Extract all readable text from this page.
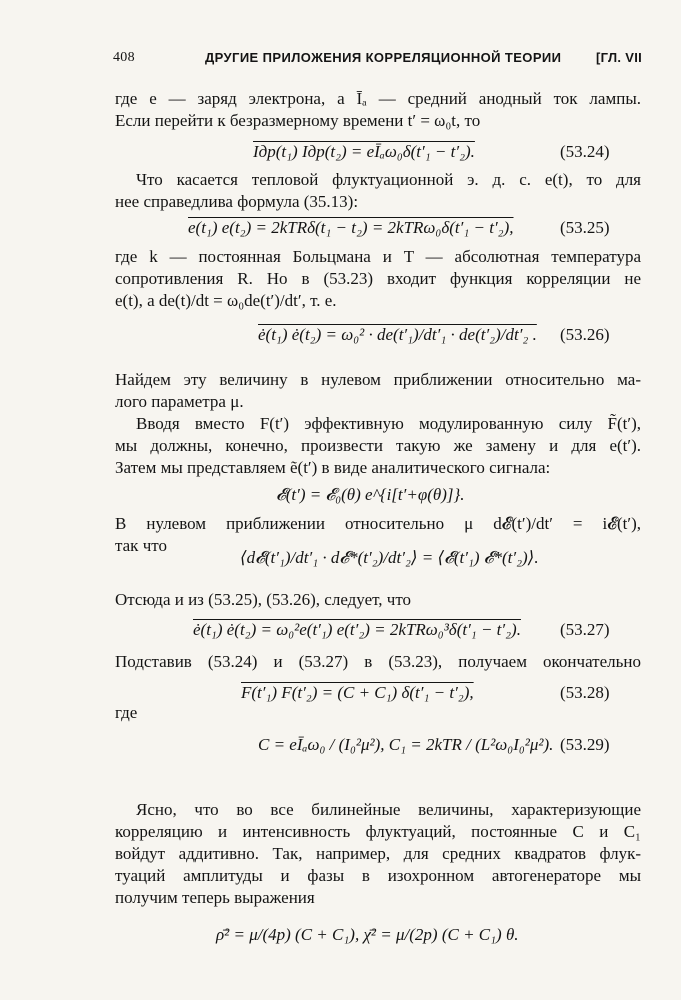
408	ДРУГИЕ ПРИЛОЖЕНИЯ КОРРЕЛЯЦИОННОЙ ТЕОРИИ	[ГЛ. VII
где e — заряд электрона, а Īₐ — средний анодный ток лампы.
Если перейти к безразмерному времени t′ = ω₀t, то
Iдр(t₁) Iдр(t₂) = eĪₐω₀δ(t′₁ − t′₂).	(53.24)
Что касается тепловой флуктуационной э. д. с. e(t), то для
нее справедлива формула (35.13):
e(t₁) e(t₂) = 2kTRδ(t₁ − t₂) = 2kTRω₀δ(t′₁ − t′₂),	(53.25)
где k — постоянная Больцмана и T — абсолютная температура
сопротивления R. Но в (53.23) входит функция корреляции не
e(t), а de(t)/dt = ω₀de(t′)/dt′, т. е.
ė(t₁) ė(t₂) = ω₀² · de(t′₁)/dt′₁ · de(t′₂)/dt′₂ . (53.26)
Найдем эту величину в нулевом приближении относительно ма-
лого параметра μ.
Вводя вместо F(t′) эффективную модулированную силу F̃(t′),
мы должны, конечно, произвести такую же замену и для e(t′).
Затем мы представляем ẽ(t′) в виде аналитического сигнала:
𝓔(t′) = 𝓔₀(θ) e^{i[t′+φ(θ)]}.
В нулевом приближении относительно μ d𝓔(t′)/dt′ = i𝓔(t′),
так что
⟨d𝓔(t′₁)/dt′₁ · d𝓔*(t′₂)/dt′₂⟩ = ⟨𝓔(t′₁) 𝓔*(t′₂)⟩.
Отсюда и из (53.25), (53.26), следует, что
ė(t₁) ė(t₂) = ω₀²e(t′₁) e(t′₂) = 2kTRω₀³δ(t′₁ − t′₂). (53.27)
Подставив (53.24) и (53.27) в (53.23), получаем окончательно
F(t′₁) F(t′₂) = (C + C₁) δ(t′₁ − t′₂),	(53.28)
где
C = eĪₐω₀ / (I₀²μ²), C₁ = 2kTR / (L²ω₀I₀²μ²). (53.29)
Ясно, что во все билинейные величины, характеризующие
корреляцию и интенсивность флуктуаций, постоянные C и C₁
войдут аддитивно. Так, например, для средних квадратов флук-
туаций амплитуды и фазы в изохронном автогенераторе мы
получим теперь выражения
ρ̄² = μ/(4p) (C + C₁), χ̄² = μ/(2p) (C + C₁) θ.
